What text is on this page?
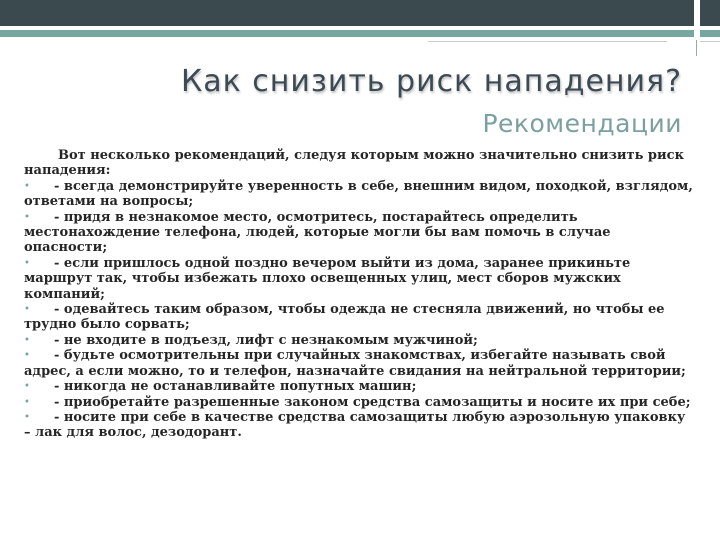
Как снизить риск нападения?
Рекомендации

Вот несколько рекомендаций, следуя которым можно значительно снизить риск нападения:

• - всегда демонстрируйте уверенность в себе, внешним видом, походкой, взглядом, ответами на вопросы;
• - придя в незнакомое место, осмотритесь, постарайтесь определить местонахождение телефона, людей, которые могли бы вам помочь в случае опасности;
• - если пришлось одной поздно вечером выйти из дома, заранее прикиньте маршрут так, чтобы избежать плохо освещенных улиц, мест сборов мужских компаний;
• - одевайтесь таким образом, чтобы одежда не стесняла движений, но чтобы ее трудно было сорвать;
• - не входите в подъезд, лифт с незнакомым мужчиной;
• - будьте осмотрительны при случайных знакомствах, избегайте называть свой адрес, а если можно, то и телефон, назначайте свидания на нейтральной территории;
• - никогда не останавливайте попутных машин;
• - приобретайте разрешенные законом средства самозащиты и носите их при себе;
• - носите при себе в качестве средства самозащиты любую аэрозольную упаковку – лак для волос, дезодорант.
